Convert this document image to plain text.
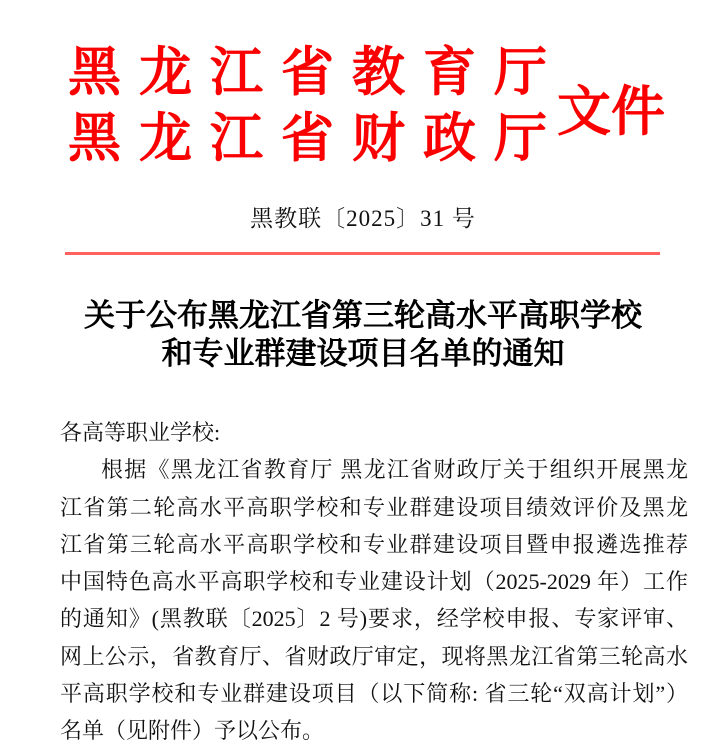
黑龙江省教育厅
黑龙江省财政厅
文件
黑教联〔2025〕31 号
关于公布黑龙江省第三轮高水平高职学校
和专业群建设项目名单的通知
各高等职业学校:
根据《黑龙江省教育厅 黑龙江省财政厅关于组织开展黑龙
江省第二轮高水平高职学校和专业群建设项目绩效评价及黑龙
江省第三轮高水平高职学校和专业群建设项目暨申报遴选推荐
中国特色高水平高职学校和专业建设计划（2025-2029 年）工作
的通知》(黑教联〔2025〕2 号)要求，经学校申报、专家评审、
网上公示，省教育厅、省财政厅审定，现将黑龙江省第三轮高水
平高职学校和专业群建设项目（以下简称: 省三轮“双高计划”）
名单（见附件）予以公布。
